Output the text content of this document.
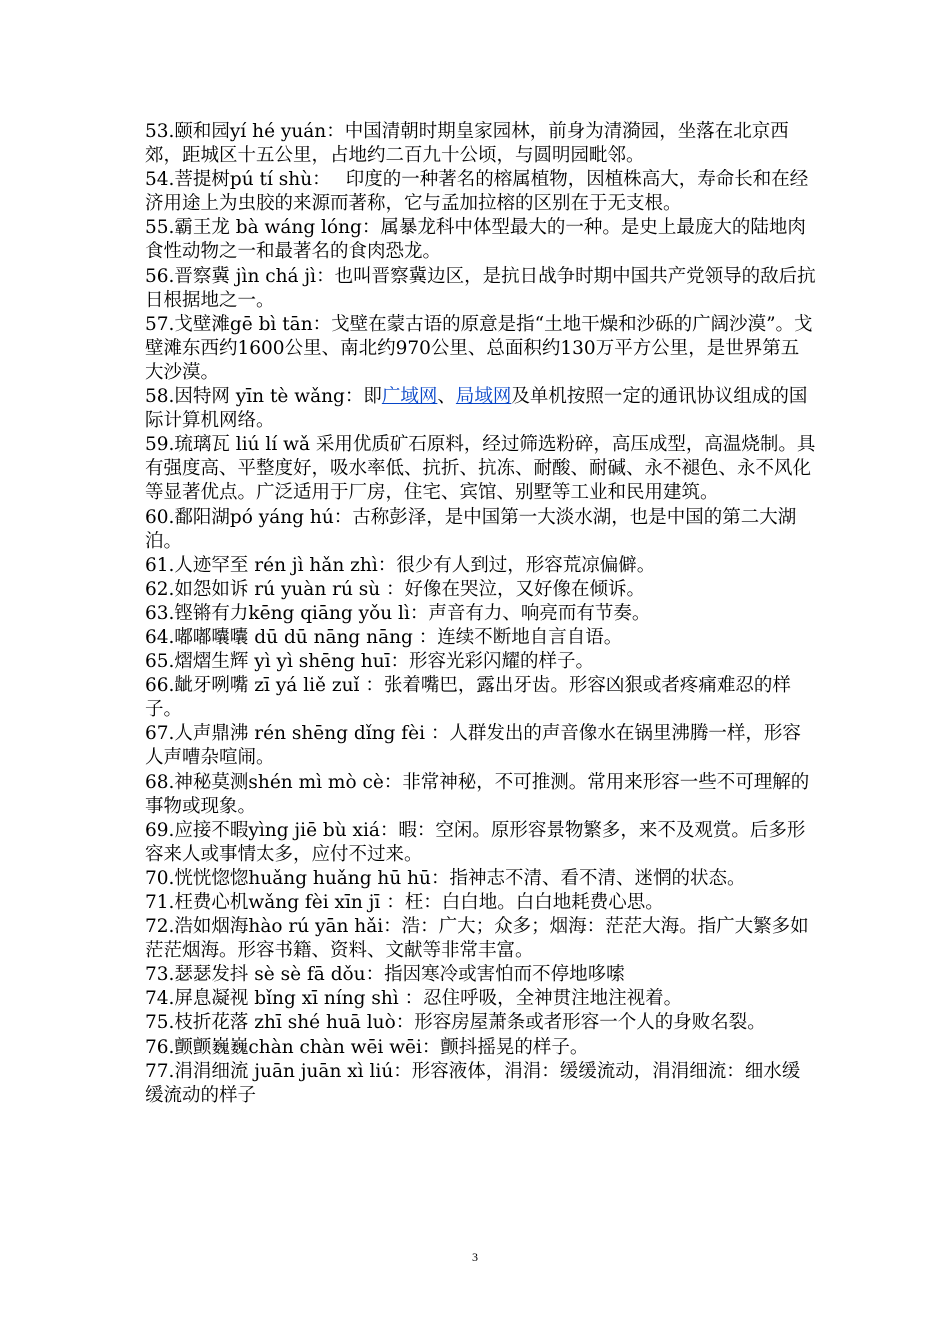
53.颐和园yí hé yuán：中国清朝时期皇家园林，前身为清漪园，坐落在北京西郊，距城区十五公里，占地约二百九十公顷，与圆明园毗邻。

54.菩提树pú tí shù：　 印度的一种著名的榕属植物，因植株高大，寿命长和在经济用途上为虫胶的来源而著称，它与孟加拉榕的区别在于无支根。

55.霸王龙 bà wáng lóng：属暴龙科中体型最大的一种。是史上最庞大的陆地肉食性动物之一和最著名的食肉恐龙。

56.晋察冀 jìn chá jì：也叫晋察冀边区，是抗日战争时期中国共产党领导的敌后抗日根据地之一。

57.戈壁滩gē bì tān：戈壁在蒙古语的原意是指“土地干燥和沙砾的广阔沙漠”。戈壁滩东西约1600公里、南北约970公里、总面积约130万平方公里，是世界第五大沙漠。

58.因特网 yīn tè wǎng：即广域网、局域网及单机按照一定的通讯协议组成的国际计算机网络。

59.琉璃瓦 liú lí wǎ 采用优质矿石原料，经过筛选粉碎，高压成型，高温烧制。具有强度高、平整度好，吸水率低、抗折、抗冻、耐酸、耐碱、永不褪色、永不风化等显著优点。广泛适用于厂房，住宅、宾馆、别墅等工业和民用建筑。

60.鄱阳湖pó yáng hú：古称彭泽，是中国第一大淡水湖，也是中国的第二大湖泊。

61.人迹罕至 rén jì hǎn zhì：很少有人到过，形容荒凉偏僻。

62.如怨如诉 rú yuàn rú sù ：好像在哭泣，又好像在倾诉。

63.铿锵有力kēng qiāng yǒu lì：声音有力、响亮而有节奏。

64.嘟嘟囔囔 dū dū nāng nāng ：连续不断地自言自语。

65.熠熠生辉 yì yì shēng huī：形容光彩闪耀的样子。

66.龇牙咧嘴 zī yá liě zuǐ ：张着嘴巴，露出牙齿。形容凶狠或者疼痛难忍的样子。

67.人声鼎沸 rén shēng dǐng fèi ：人群发出的声音像水在锅里沸腾一样，形容人声嘈杂喧闹。

68.神秘莫测shén mì mò cè：非常神秘，不可推测。常用来形容一些不可理解的事物或现象。

69.应接不暇yìng jiē bù xiá：暇：空闲。原形容景物繁多，来不及观赏。后多形容来人或事情太多，应付不过来。

70.恍恍惚惚huǎng huǎng hū hū：指神志不清、看不清、迷惘的状态。

71.枉费心机wǎng fèi xīn jī ：枉：白白地。白白地耗费心思。

72.浩如烟海hào rú yān hǎi：浩：广大；众多；烟海：茫茫大海。指广大繁多如茫茫烟海。形容书籍、资料、文献等非常丰富。

73.瑟瑟发抖 sè sè fā dǒu：指因寒冷或害怕而不停地哆嗦

74.屏息凝视 bǐng xī níng shì ：忍住呼吸，全神贯注地注视着。

75.枝折花落 zhī shé huā luò：形容房屋萧条或者形容一个人的身败名裂。

76.颤颤巍巍chàn chàn wēi wēi：颤抖摇晃的样子。

77.涓涓细流 juān juān xì liú：形容液体，涓涓：缓缓流动，涓涓细流：细水缓缓流动的样子

3
